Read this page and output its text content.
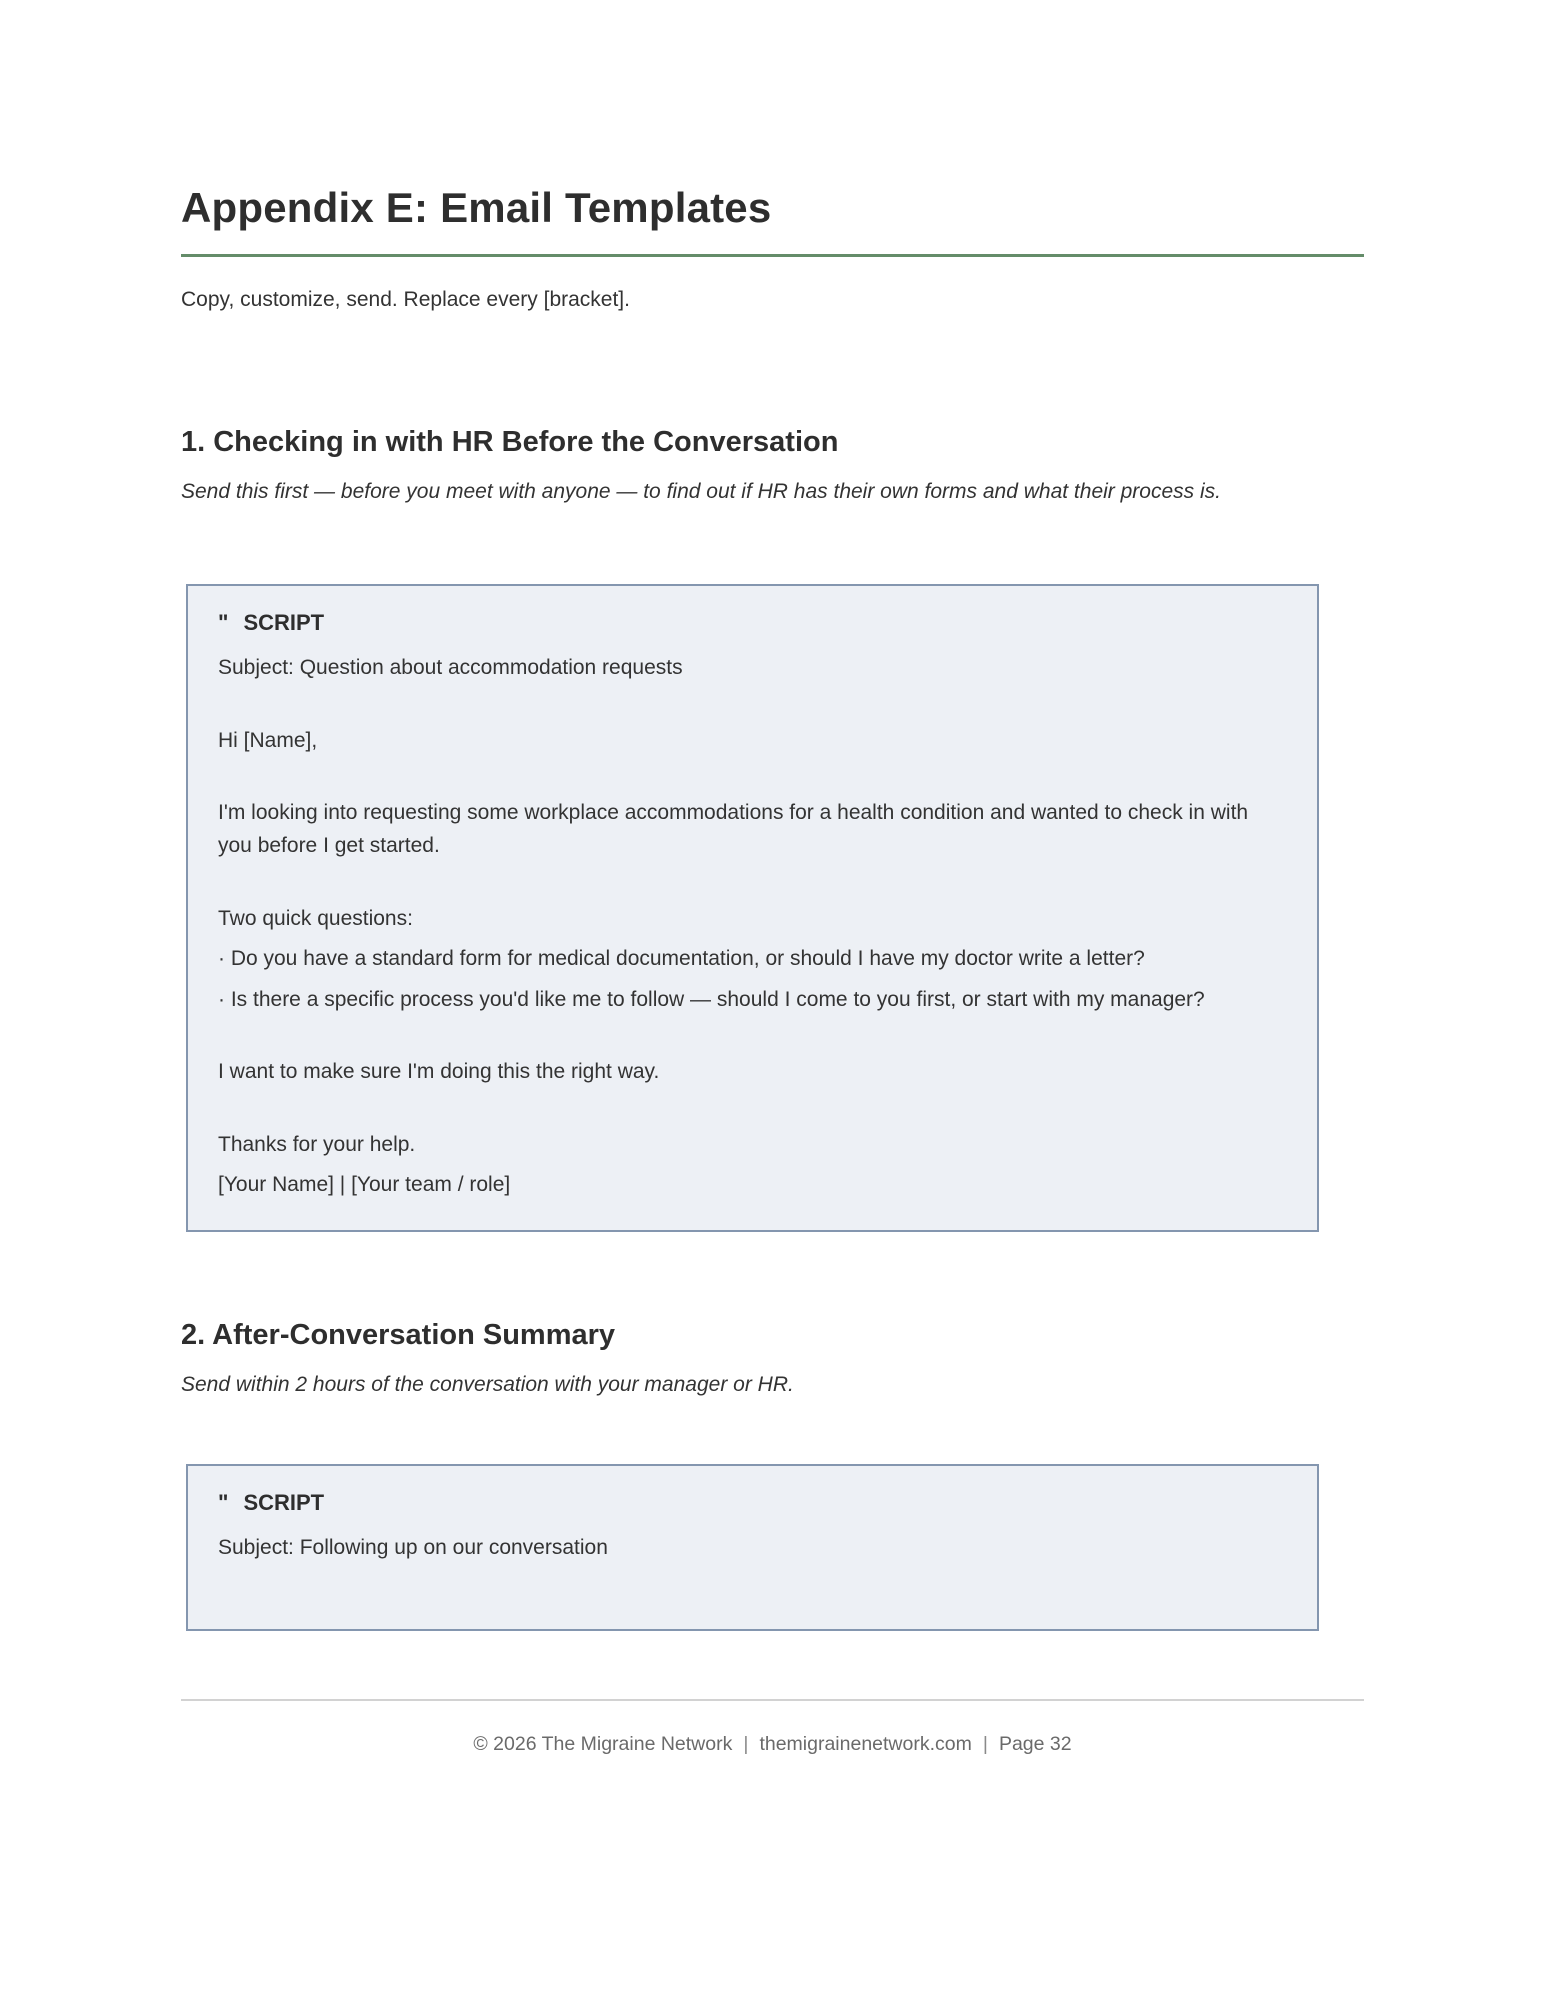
Appendix E: Email Templates

Copy, customize, send. Replace every [bracket].

1. Checking in with HR Before the Conversation

Send this first — before you meet with anyone — to find out if HR has their own forms and what their process is.

" SCRIPT

Subject: Question about accommodation requests

Hi [Name],

I'm looking into requesting some workplace accommodations for a health condition and wanted to check in with you before I get started.

Two quick questions:

· Do you have a standard form for medical documentation, or should I have my doctor write a letter?

· Is there a specific process you'd like me to follow — should I come to you first, or start with my manager?

I want to make sure I'm doing this the right way.

Thanks for your help.

[Your Name] | [Your team / role]

2. After-Conversation Summary

Send within 2 hours of the conversation with your manager or HR.

" SCRIPT

Subject: Following up on our conversation

© 2026 The Migraine Network | themigrainenetwork.com | Page 32
